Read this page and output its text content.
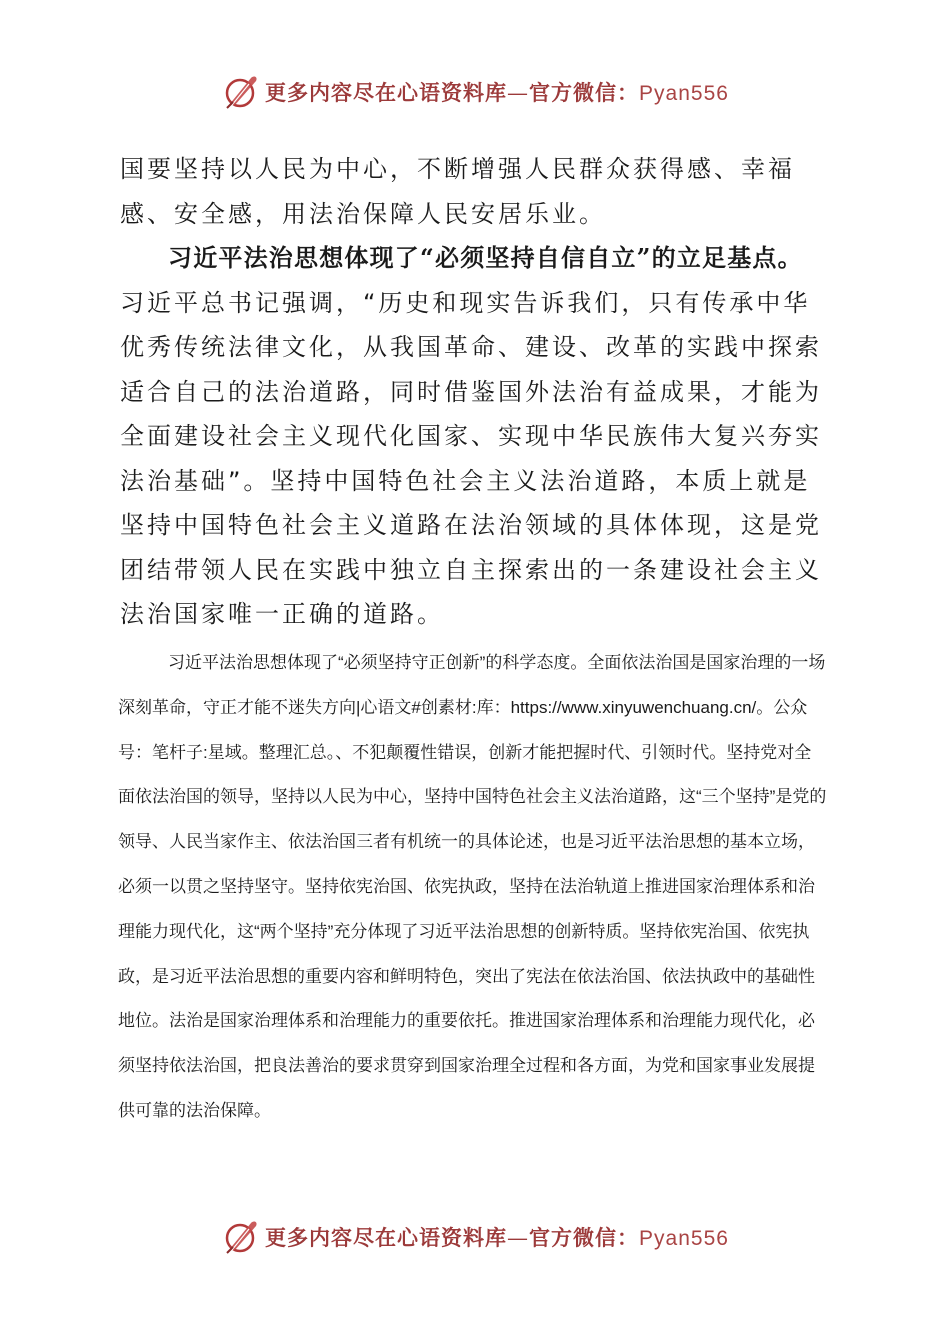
更多内容尽在心语资料库—官方微信：Pyan556
国要坚持以人民为中心，不断增强人民群众获得感、幸福感、安全感，用法治保障人民安居乐业。
习近平法治思想体现了“必须坚持自信自立”的立足基点。
习近平总书记强调，“历史和现实告诉我们，只有传承中华优秀传统法律文化，从我国革命、建设、改革的实践中探索适合自己的法治道路，同时借鉴国外法治有益成果，才能为全面建设社会主义现代化国家、实现中华民族伟大复兴夯实法治基础”。坚持中国特色社会主义法治道路，本质上就是坚持中国特色社会主义道路在法治领域的具体体现，这是党团结带领人民在实践中独立自主探索出的一条建设社会主义法治国家唯一正确的道路。
习近平法治思想体现了“必须坚持守正创新”的科学态度。全面依法治国是国家治理的一场深刻革命，守正才能不迷失方向|心语文#创素材:库：https://www.xinyuwenchuang.cn/。公众号：笔杆子:星域。整理汇总。、不犯颠覆性错误，创新才能把握时代、引领时代。坚持党对全面依法治国的领导，坚持以人民为中心，坚持中国特色社会主义法治道路，这“三个坚持”是党的领导、人民当家作主、依法治国三者有机统一的具体论述，也是习近平法治思想的基本立场，必须一以贯之坚持坚守。坚持依宪治国、依宪执政，坚持在法治轨道上推进国家治理体系和治理能力现代化，这“两个坚持”充分体现了习近平法治思想的创新特质。坚持依宪治国、依宪执政，是习近平法治思想的重要内容和鲜明特色，突出了宪法在依法治国、依法执政中的基础性地位。法治是国家治理体系和治理能力的重要依托。推进国家治理体系和治理能力现代化，必须坚持依法治国，把良法善治的要求贯穿到国家治理全过程和各方面，为党和国家事业发展提供可靠的法治保障。
更多内容尽在心语资料库—官方微信：Pyan556
